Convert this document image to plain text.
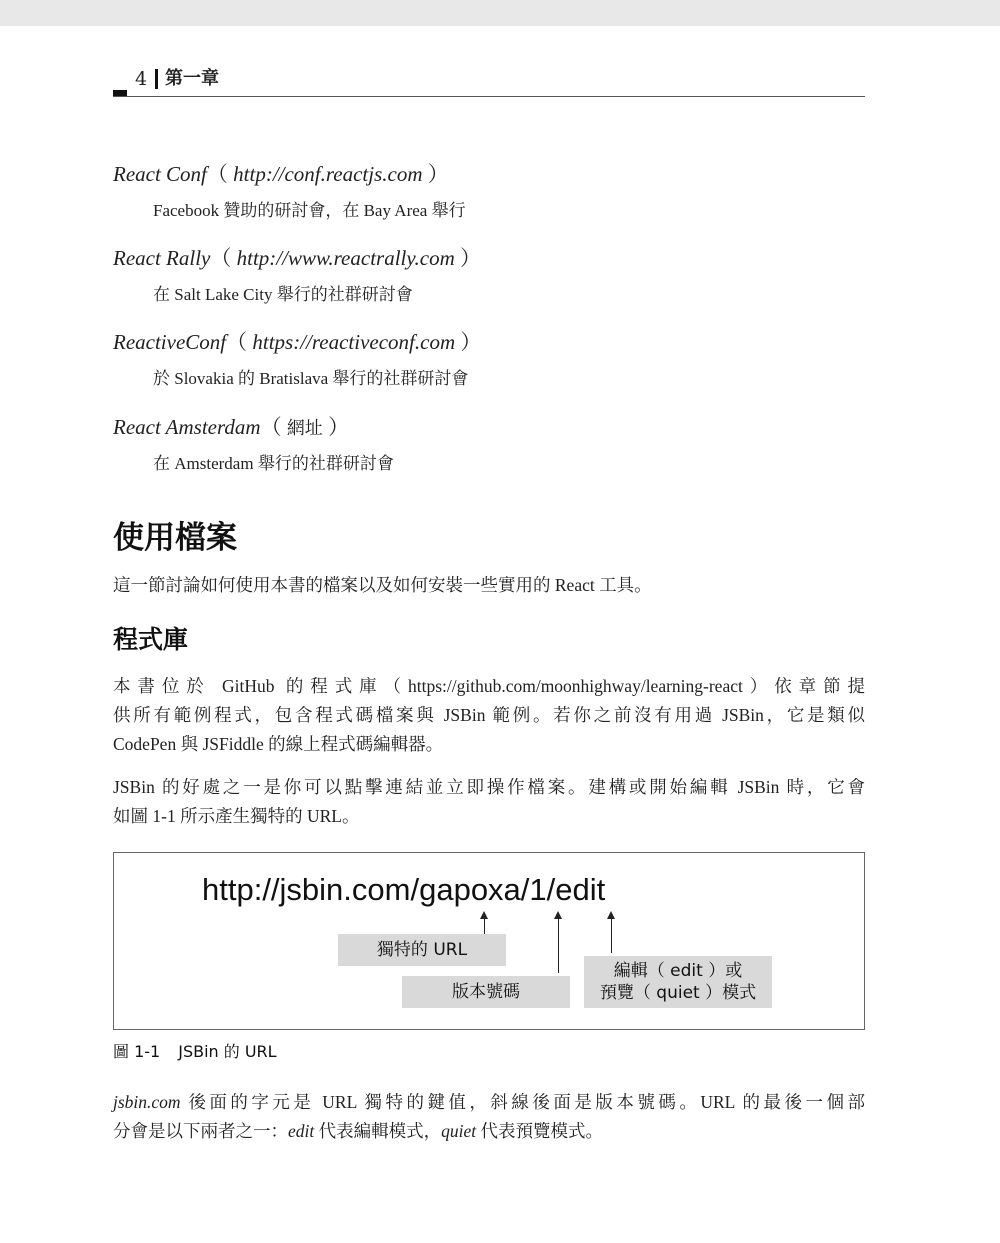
4 第一章
React Conf（ http://conf.reactjs.com ）
Facebook 贊助的研討會，在 Bay Area 舉行
React Rally（ http://www.reactrally.com ）
在 Salt Lake City 舉行的社群研討會
ReactiveConf（ https://reactiveconf.com ）
於 Slovakia 的 Bratislava 舉行的社群研討會
React Amsterdam（ 網址 ）
在 Amsterdam 舉行的社群研討會
使用檔案
這一節討論如何使用本書的檔案以及如何安裝一些實用的 React 工具。
程式庫
本書位於 GitHub 的程式庫（https://github.com/moonhighway/learning-react）依章節提
供所有範例程式，包含程式碼檔案與 JSBin 範例。若你之前沒有用過 JSBin，它是類似
CodePen 與 JSFiddle 的線上程式碼編輯器。
JSBin 的好處之一是你可以點擊連結並立即操作檔案。建構或開始編輯 JSBin 時，它會
如圖 1-1 所示產生獨特的 URL。
http://jsbin.com/gapoxa/1/edit
獨特的 URL
版本號碼
編輯（ edit ）或
預覽（ quiet ）模式
圖 1-1 JSBin 的 URL
jsbin.com 後面的字元是 URL 獨特的鍵值，斜線後面是版本號碼。URL 的最後一個部
分會是以下兩者之一：edit 代表編輯模式，quiet 代表預覽模式。
